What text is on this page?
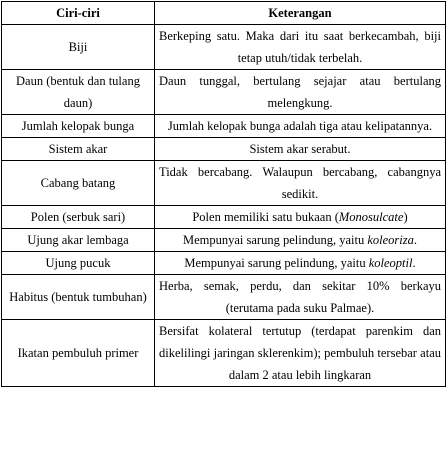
Ciri-ciri	Keterangan
Biji	Berkeping satu. Maka dari itu saat berkecambah, biji tetap utuh/tidak terbelah.
Daun (bentuk dan tulang daun)	Daun tunggal, bertulang sejajar atau bertulang melengkung.
Jumlah kelopak bunga	Jumlah kelopak bunga adalah tiga atau kelipatannya.
Sistem akar	Sistem akar serabut.
Cabang batang	Tidak bercabang. Walaupun bercabang, cabangnya sedikit.
Polen (serbuk sari)	Polen memiliki satu bukaan (Monosulcate)
Ujung akar lembaga	Mempunyai sarung pelindung, yaitu koleoriza.
Ujung pucuk	Mempunyai sarung pelindung, yaitu koleoptil.
Habitus (bentuk tumbuhan)	Herba, semak, perdu, dan sekitar 10% berkayu (terutama pada suku Palmae).
Ikatan pembuluh primer	Bersifat kolateral tertutup (terdapat parenkim dan dikelilingi jaringan sklerenkim); pembuluh tersebar atau dalam 2 atau lebih lingkaran
